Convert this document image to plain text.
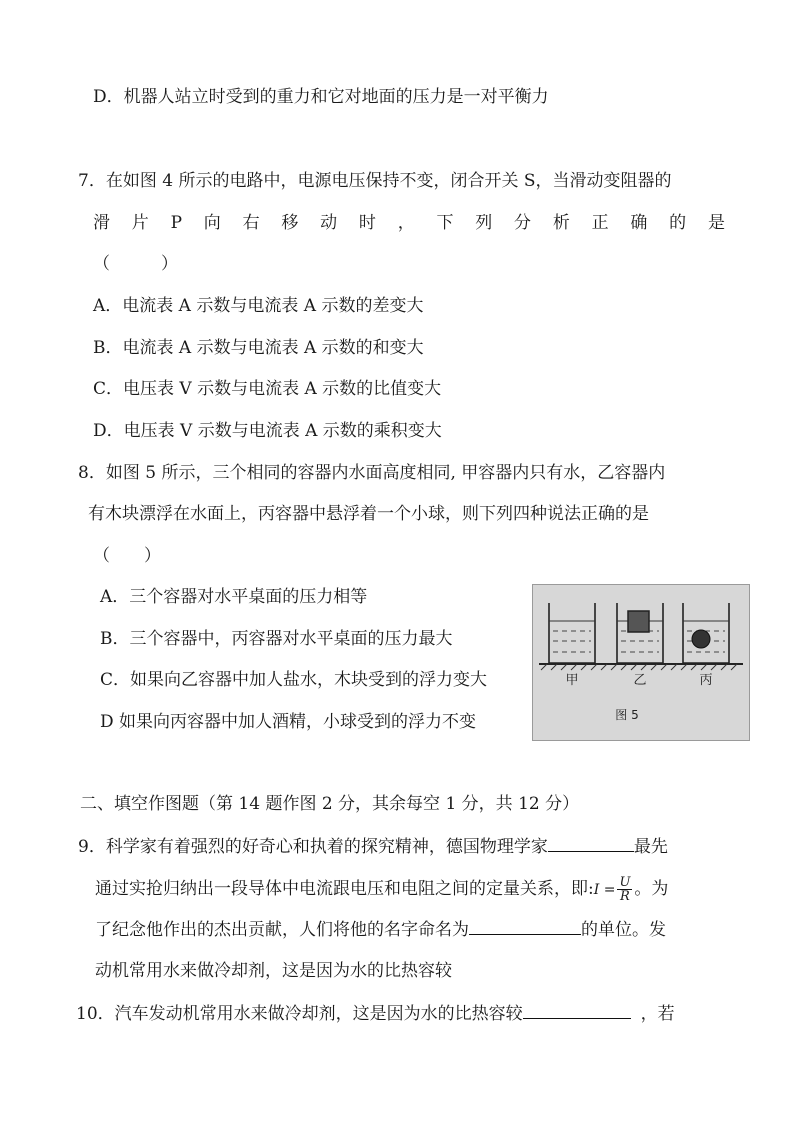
D．机器人站立时受到的重力和它对地面的压力是一对平衡力
7．在如图 4 所示的电路中，电源电压保持不变，闭合开关 S，当滑动变阻器的
滑 片 P 向 右 移 动 时 ， 下 列 分 析 正 确 的 是
（　　　）
A．电流表 A 示数与电流表 A 示数的差变大
B．电流表 A 示数与电流表 A 示数的和变大
C．电压表 V 示数与电流表 A 示数的比值变大
D．电压表 V 示数与电流表 A 示数的乘积变大
8．如图 5 所示，三个相同的容器内水面高度相同, 甲容器内只有水，乙容器内
有木块漂浮在水面上，丙容器中悬浮着一个小球，则下列四种说法正确的是
（　　）
A．三个容器对水平桌面的压力相等
B．三个容器中，丙容器对水平桌面的压力最大
C．如果向乙容器中加人盐水，木块受到的浮力变大
D 如果向丙容器中加人酒精，小球受到的浮力不变
甲	乙	丙
图 5
二、填空作图题（第 14 题作图 2 分，其余每空 1 分，共 12 分）
9．科学家有着强烈的好奇心和执着的探究精神，德国物理学家	最先
通过实抢归纳出一段导体中电流跟电压和电阻之间的定量关系，即:I = $\frac{U}{R}$ 。为
了纪念他作出的杰出贡献，人们将他的名字命名为	的单位。发
动机常用水来做冷却剂，这是因为水的比热容较
10．汽车发动机常用水来做冷却剂，这是因为水的比热容较	，若
